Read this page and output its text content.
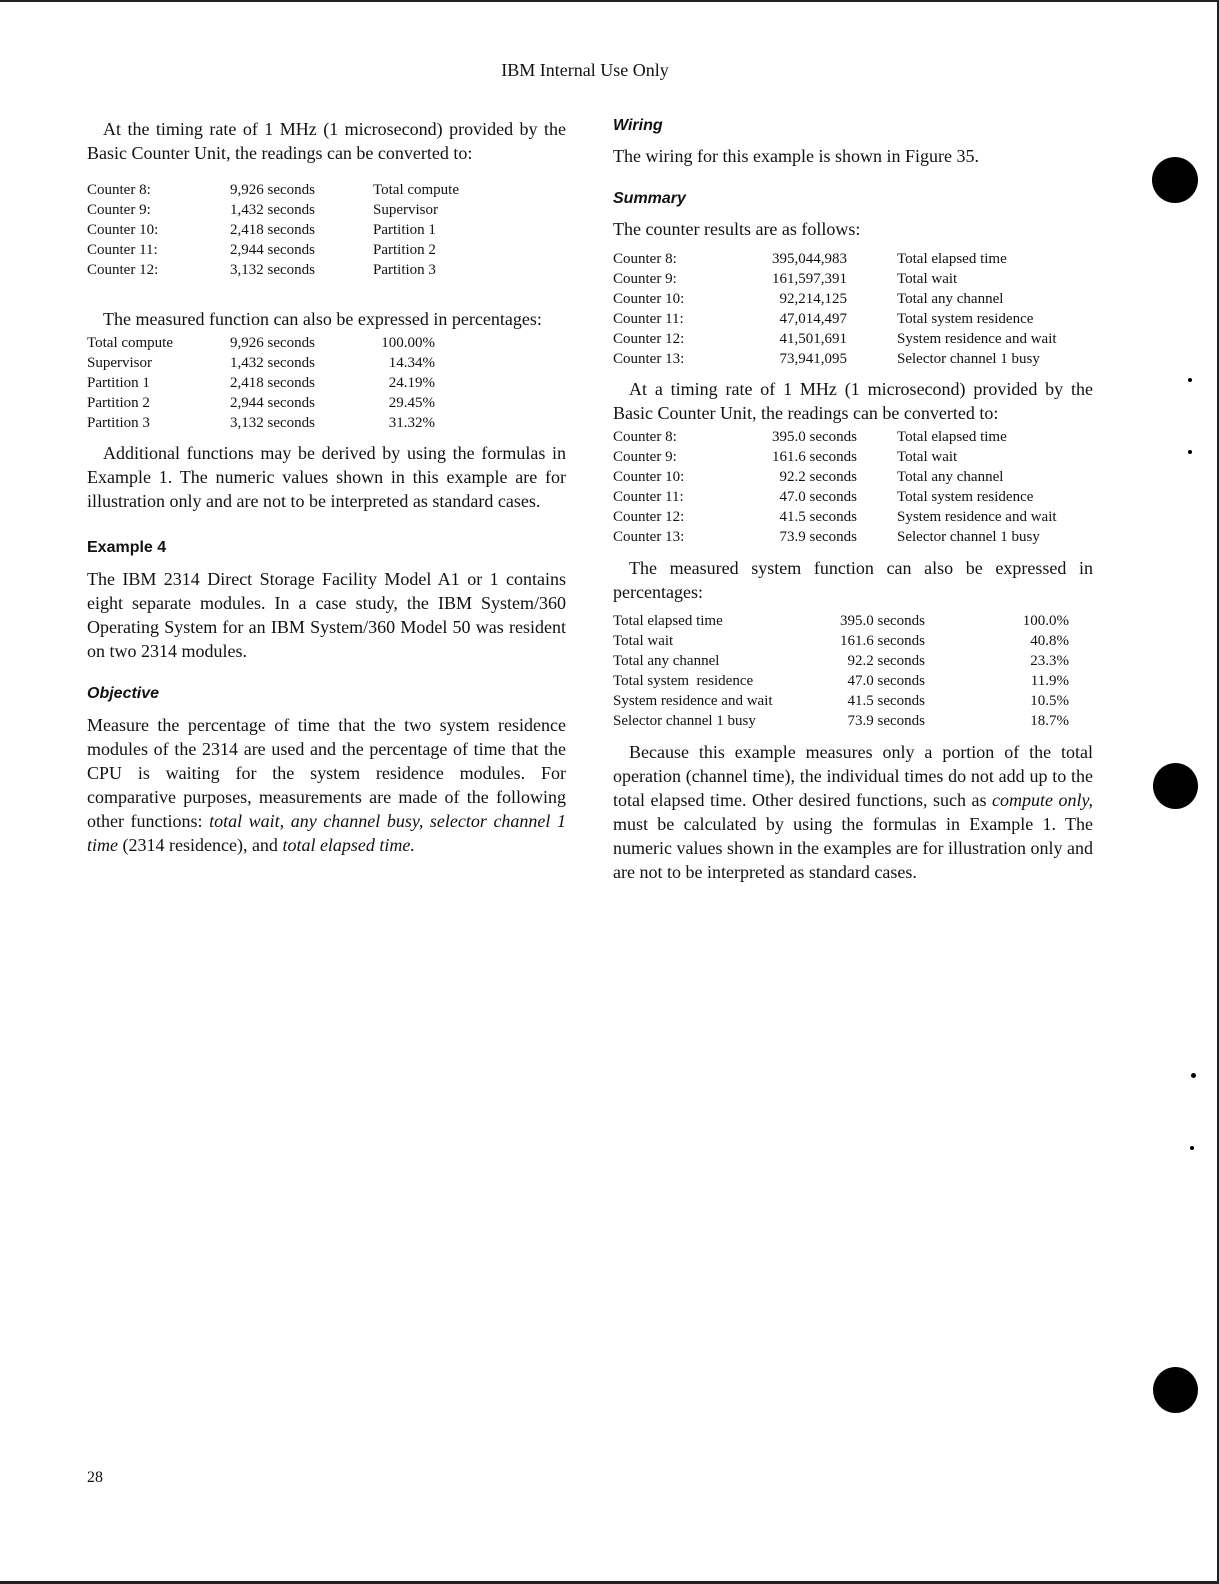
IBM Internal Use Only

At the timing rate of 1 MHz (1 microsecond) provided by the Basic Counter Unit, the readings can be converted to:

Counter 8:	9,926 seconds	Total compute
Counter 9:	1,432 seconds	Supervisor
Counter 10:	2,418 seconds	Partition 1
Counter 11:	2,944 seconds	Partition 2
Counter 12:	3,132 seconds	Partition 3

The measured function can also be expressed in percentages:

Total compute	9,926 seconds	100.00%
Supervisor	1,432 seconds	14.34%
Partition 1	2,418 seconds	24.19%
Partition 2	2,944 seconds	29.45%
Partition 3	3,132 seconds	31.32%

Additional functions may be derived by using the formulas in Example 1. The numeric values shown in this example are for illustration only and are not to be interpreted as standard cases.

Example 4

The IBM 2314 Direct Storage Facility Model A1 or 1 contains eight separate modules. In a case study, the IBM System/360 Operating System for an IBM System/360 Model 50 was resident on two 2314 modules.

Objective

Measure the percentage of time that the two system residence modules of the 2314 are used and the percentage of time that the CPU is waiting for the system residence modules. For comparative purposes, measurements are made of the following other functions: total wait, any channel busy, selector channel 1 time (2314 residence), and total elapsed time.

Wiring

The wiring for this example is shown in Figure 35.

Summary

The counter results are as follows:

Counter 8:	395,044,983		Total elapsed time
Counter 9:	161,597,391		Total wait
Counter 10:	92,214,125		Total any channel
Counter 11:	47,014,497		Total system residence
Counter 12:	41,501,691		System residence and wait
Counter 13:	73,941,095		Selector channel 1 busy

At a timing rate of 1 MHz (1 microsecond) provided by the Basic Counter Unit, the readings can be converted to:

Counter 8:	395.0 seconds		Total elapsed time
Counter 9:	161.6 seconds		Total wait
Counter 10:	92.2 seconds		Total any channel
Counter 11:	47.0 seconds		Total system residence
Counter 12:	41.5 seconds		System residence and wait
Counter 13:	73.9 seconds		Selector channel 1 busy

The measured system function can also be expressed in percentages:

Total elapsed time	395.0 seconds	100.0%
Total wait	161.6 seconds	40.8%
Total any channel	92.2 seconds	23.3%
Total system  residence	47.0 seconds	11.9%
System residence and wait	41.5 seconds	10.5%
Selector channel 1 busy	73.9 seconds	18.7%

Because this example measures only a portion of the total operation (channel time), the individual times do not add up to the total elapsed time. Other desired functions, such as compute only, must be calculated by using the formulas in Example 1. The numeric values shown in the examples are for illustration only and are not to be interpreted as standard cases.

28
